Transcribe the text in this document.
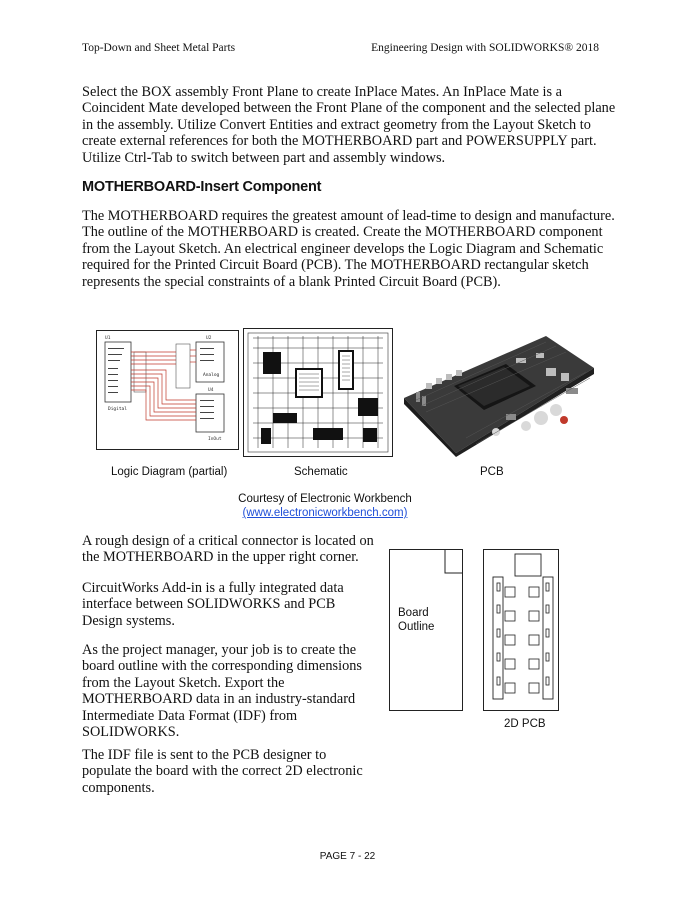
Top-Down and Sheet Metal Parts	Engineering Design with SOLIDWORKS® 2018

Select the BOX assembly Front Plane to create InPlace Mates. An InPlace Mate is a Coincident Mate developed between the Front Plane of the component and the selected plane in the assembly. Utilize Convert Entities and extract geometry from the Layout Sketch to create external references for both the MOTHERBOARD part and POWERSUPPLY part. Utilize Ctrl-Tab to switch between part and assembly windows.

MOTHERBOARD-Insert Component

The MOTHERBOARD requires the greatest amount of lead-time to design and manufacture. The outline of the MOTHERBOARD is created. Create the MOTHERBOARD component from the Layout Sketch. An electrical engineer develops the Logic Diagram and Schematic required for the Printed Circuit Board (PCB). The MOTHERBOARD rectangular sketch represents the special constraints of a blank Printed Circuit Board (PCB).

U1	U2
Analog
Digital
U4
InOut
Logic Diagram (partial)	Schematic	PCB
Courtesy of Electronic Workbench
(www.electronicworkbench.com)

A rough design of a critical connector is located on the MOTHERBOARD in the upper right corner.

CircuitWorks Add-in is a fully integrated data interface between SOLIDWORKS and PCB Design systems.

As the project manager, your job is to create the board outline with the corresponding dimensions from the Layout Sketch. Export the MOTHERBOARD data in an industry-standard Intermediate Data Format (IDF) from SOLIDWORKS.

The IDF file is sent to the PCB designer to populate the board with the correct 2D electronic components.

Board Outline
2D PCB
PAGE 7 - 22
